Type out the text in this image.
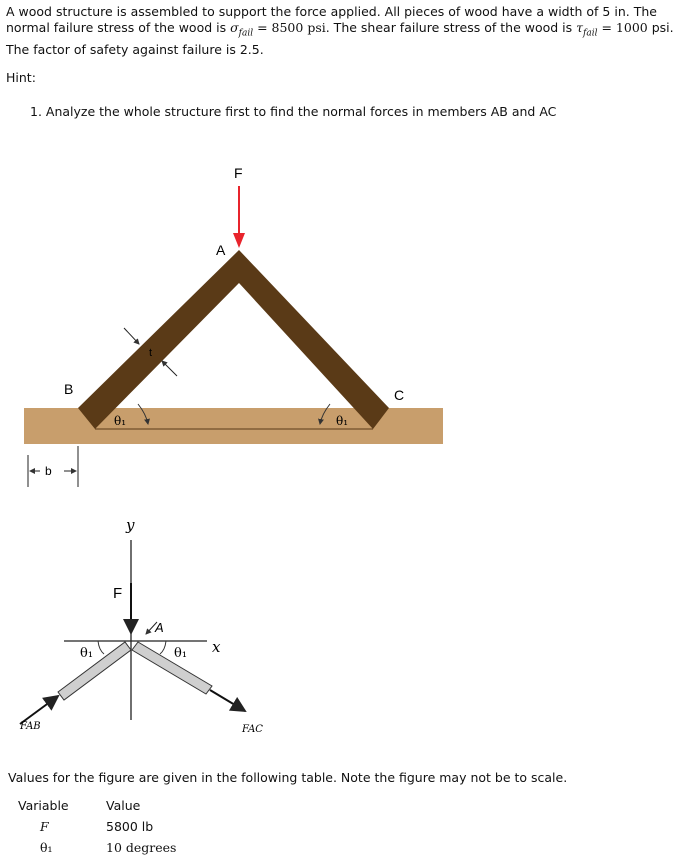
A wood structure is assembled to support the force applied. All pieces of wood have a width of 5 in. The normal failure stress of the wood is $\sigma_{fail} = 8500$ psi. The shear failure stress of the wood is $\tau_{fail} = 1000$ psi. The factor of safety against failure is 2.5.
Hint:
1. Analyze the whole structure first to find the normal forces in members AB and AC
F
A
B	C
t
θ₁	θ₁
b
y
x
F
A
FAB	FAC
θ₁	θ₁
Values for the figure are given in the following table. Note the figure may not be to scale.
Variable	Value
F	5800 lb
θ₁	10 degrees
